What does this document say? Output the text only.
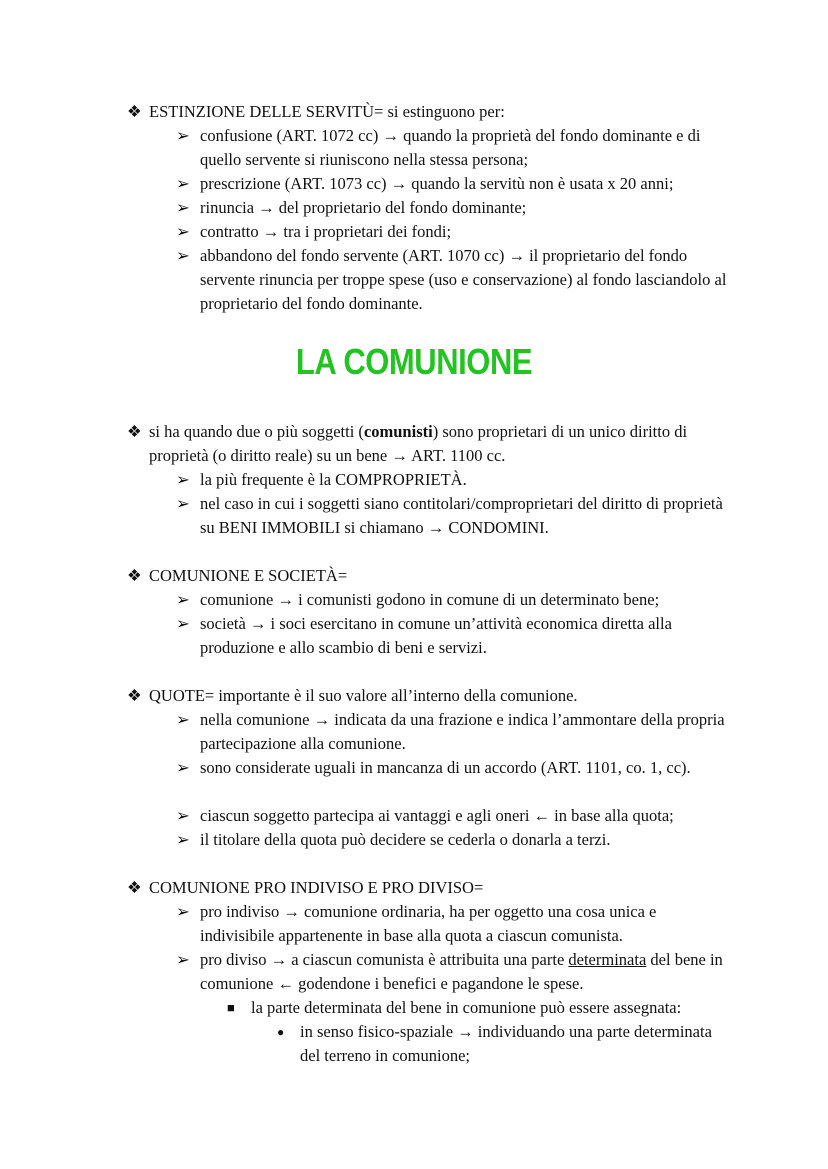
❖ ESTINZIONE DELLE SERVITÙ= si estinguono per:
➢ confusione (ART. 1072 cc) → quando la proprietà del fondo dominante e di quello servente si riuniscono nella stessa persona;
➢ prescrizione (ART. 1073 cc) → quando la servitù non è usata x 20 anni;
➢ rinuncia → del proprietario del fondo dominante;
➢ contratto → tra i proprietari dei fondi;
➢ abbandono del fondo servente (ART. 1070 cc) → il proprietario del fondo servente rinuncia per troppe spese (uso e conservazione) al fondo lasciandolo al proprietario del fondo dominante.
LA COMUNIONE
❖ si ha quando due o più soggetti (comunisti) sono proprietari di un unico diritto di proprietà (o diritto reale) su un bene → ART. 1100 cc.
➢ la più frequente è la COMPROPRIETÀ.
➢ nel caso in cui i soggetti siano contitolari/comproprietari del diritto di proprietà su BENI IMMOBILI si chiamano → CONDOMINI.
❖ COMUNIONE E SOCIETÀ=
➢ comunione → i comunisti godono in comune di un determinato bene;
➢ società → i soci esercitano in comune un’attività economica diretta alla produzione e allo scambio di beni e servizi.
❖ QUOTE= importante è il suo valore all’interno della comunione.
➢ nella comunione → indicata da una frazione e indica l’ammontare della propria partecipazione alla comunione.
➢ sono considerate uguali in mancanza di un accordo (ART. 1101, co. 1, cc).
➢ ciascun soggetto partecipa ai vantaggi e agli oneri ← in base alla quota;
➢ il titolare della quota può decidere se cederla o donarla a terzi.
❖ COMUNIONE PRO INDIVISO E PRO DIVISO=
➢ pro indiviso → comunione ordinaria, ha per oggetto una cosa unica e indivisibile appartenente in base alla quota a ciascun comunista.
➢ pro diviso → a ciascun comunista è attribuita una parte determinata del bene in comunione ← godendone i benefici e pagandone le spese.
■ la parte determinata del bene in comunione può essere assegnata:
● in senso fisico-spaziale → individuando una parte determinata del terreno in comunione;
